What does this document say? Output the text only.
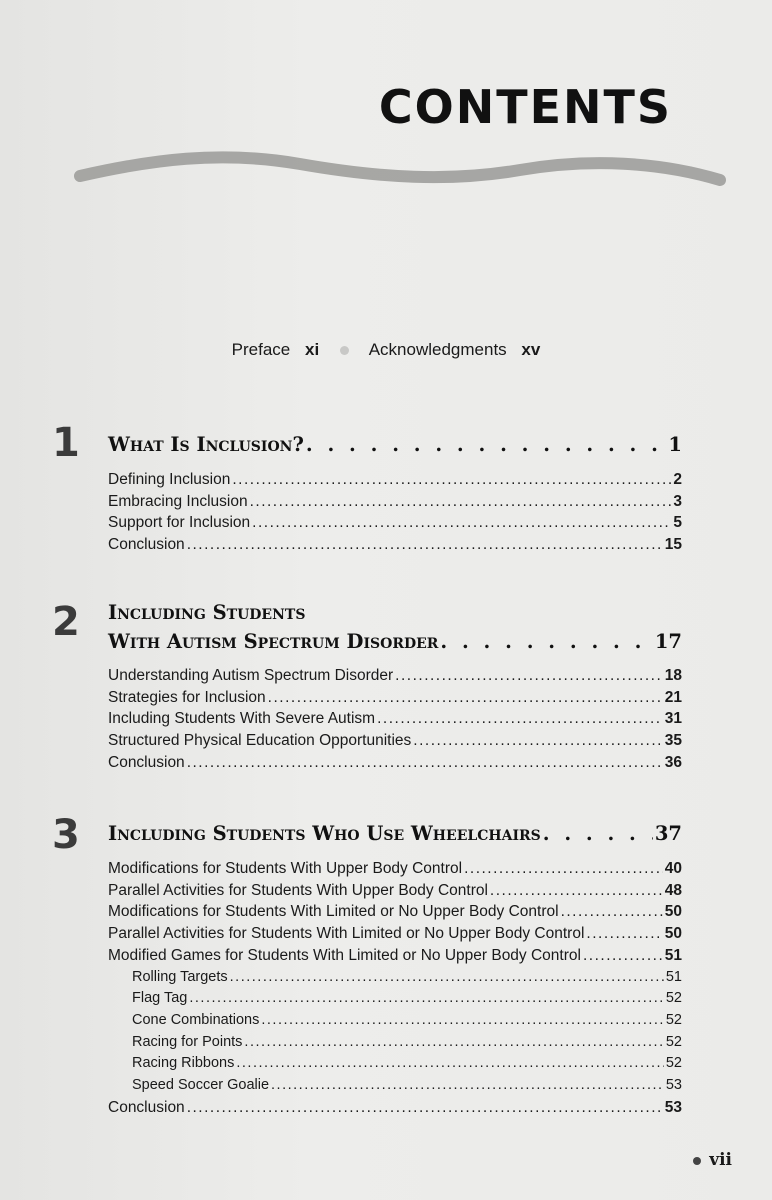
CONTENTS
Preface xi	Acknowledgments xv
1 What Is Inclusion? . . .	1
Defining Inclusion .....	2
Embracing Inclusion .....	3
Support for Inclusion .....	5
Conclusion .....	15
2 Including Students
With Autism Spectrum Disorder . . .	17
Understanding Autism Spectrum Disorder .....	18
Strategies for Inclusion .....	21
Including Students With Severe Autism .....	31
Structured Physical Education Opportunities .....	35
Conclusion .....	36
3 Including Students Who Use Wheelchairs . . .	37
Modifications for Students With Upper Body Control .....	40
Parallel Activities for Students With Upper Body Control .....	48
Modifications for Students With Limited or No Upper Body Control .....	50
Parallel Activities for Students With Limited or No Upper Body Control .....	50
Modified Games for Students With Limited or No Upper Body Control .....	51
Rolling Targets .....	51
Flag Tag .....	52
Cone Combinations .....	52
Racing for Points .....	52
Racing Ribbons .....	52
Speed Soccer Goalie .....	53
Conclusion .....	53
vii
